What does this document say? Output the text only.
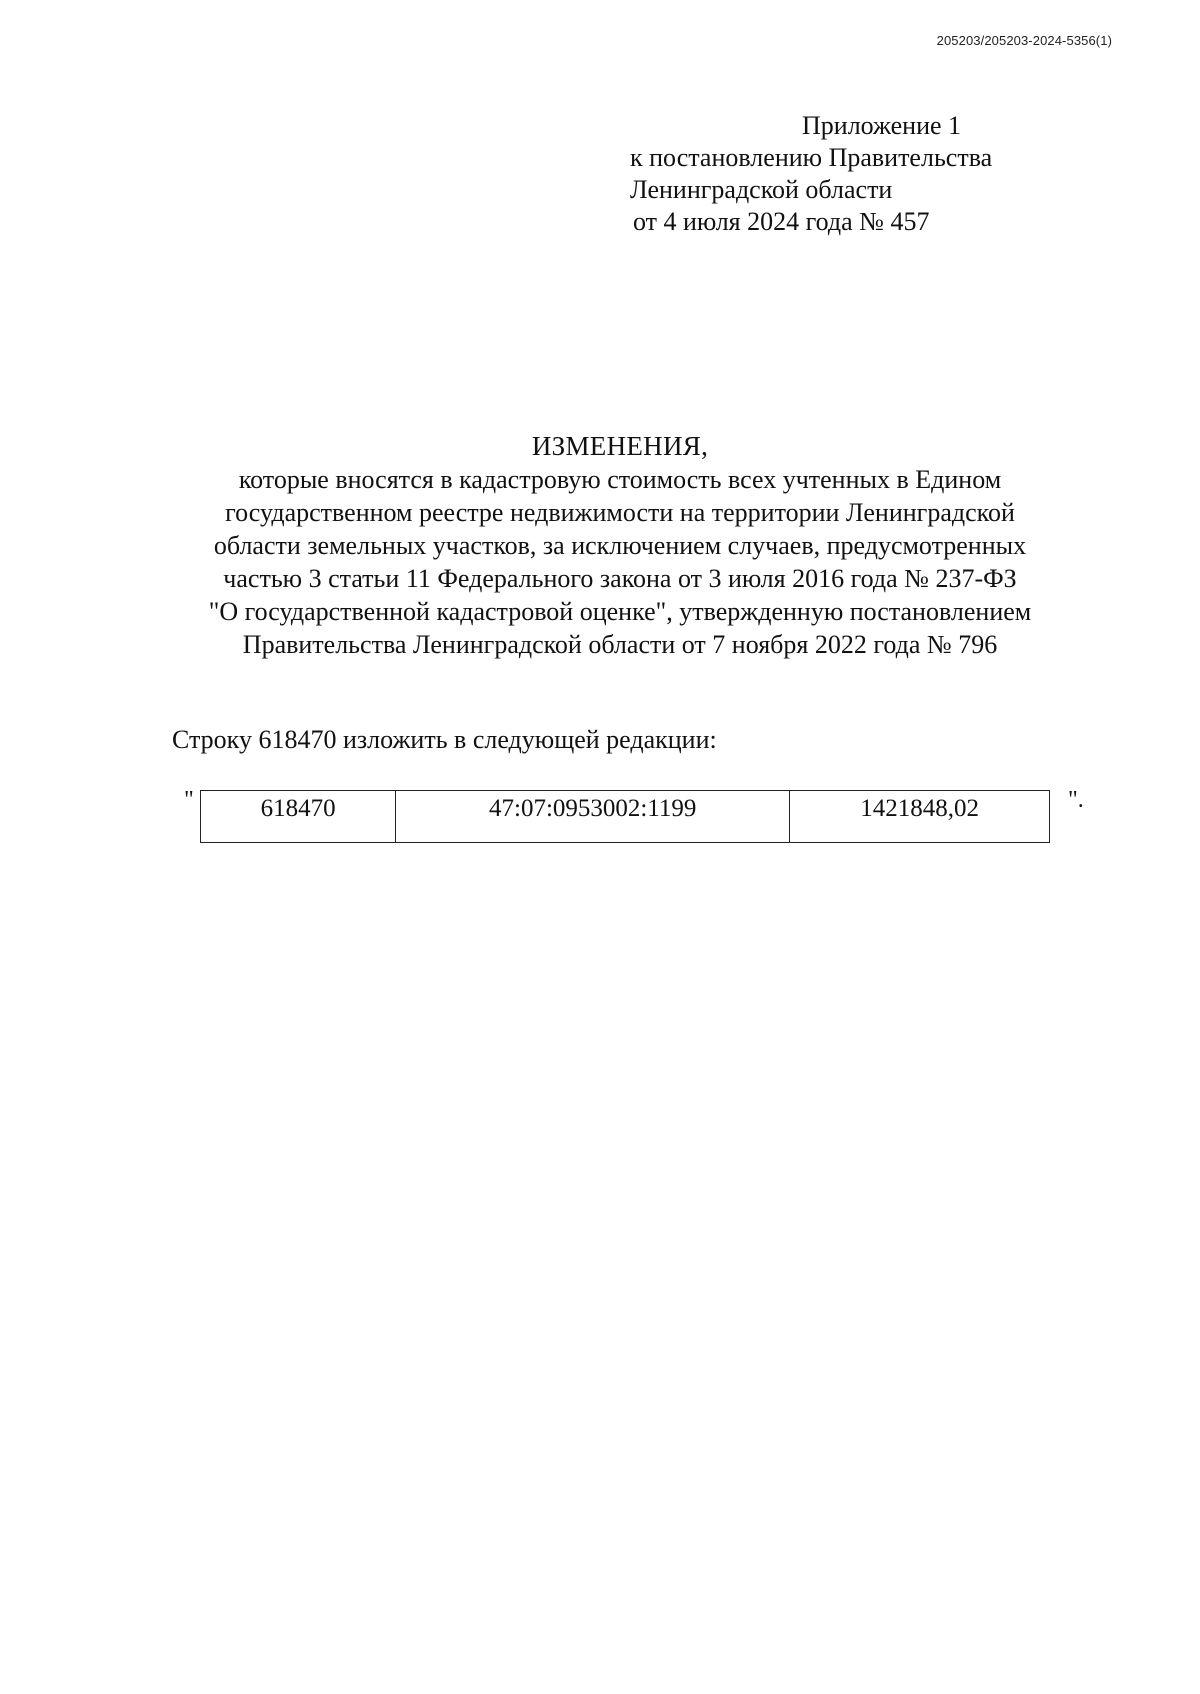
205203/205203-2024-5356(1)
Приложение 1
к постановлению Правительства
Ленинградской области
от 4 июля 2024 года № 457
ИЗМЕНЕНИЯ,
которые вносятся в кадастровую стоимость всех учтенных в Едином
государственном реестре недвижимости на территории Ленинградской
области земельных участков, за исключением случаев, предусмотренных
частью 3 статьи 11 Федерального закона от 3 июля 2016 года № 237-ФЗ
"О государственной кадастровой оценке", утвержденную постановлением
Правительства Ленинградской области от 7 ноября 2022 года № 796
Строку 618470 изложить в следующей редакции:
"	618470	47:07:0953002:1199	1421848,02	".
